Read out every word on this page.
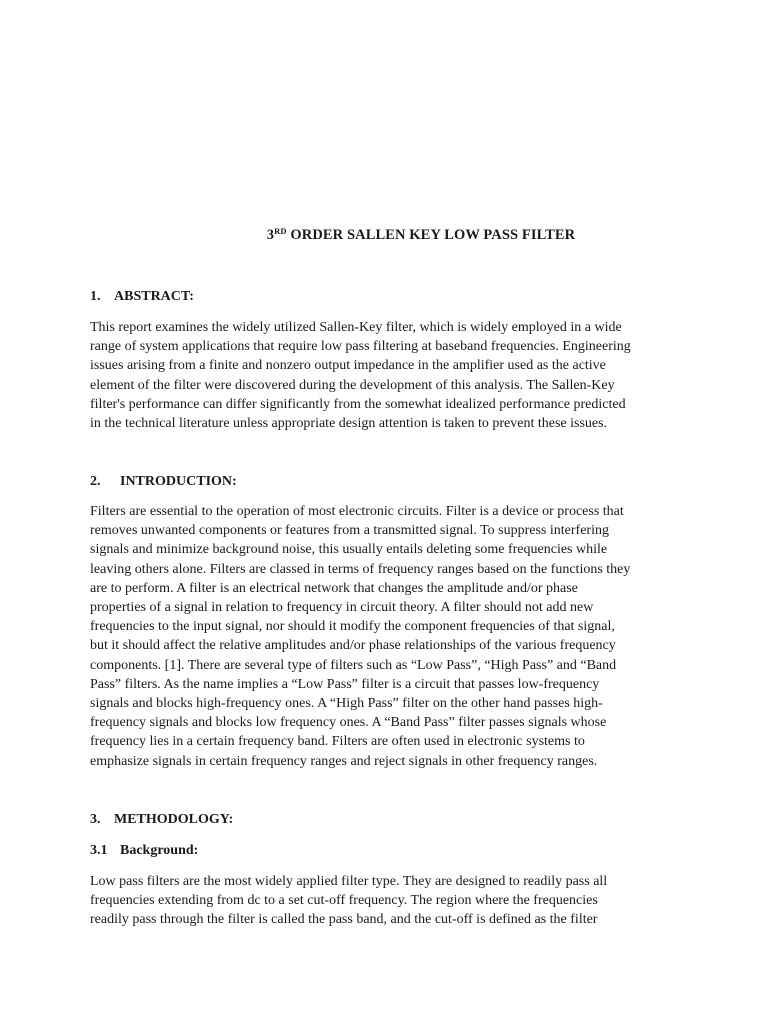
3RD ORDER SALLEN KEY LOW PASS FILTER
1. ABSTRACT:
This report examines the widely utilized Sallen-Key filter, which is widely employed in a wide
range of system applications that require low pass filtering at baseband frequencies. Engineering
issues arising from a finite and nonzero output impedance in the amplifier used as the active
element of the filter were discovered during the development of this analysis. The Sallen-Key
filter's performance can differ significantly from the somewhat idealized performance predicted
in the technical literature unless appropriate design attention is taken to prevent these issues.
2. INTRODUCTION:
Filters are essential to the operation of most electronic circuits. Filter is a device or process that
removes unwanted components or features from a transmitted signal. To suppress interfering
signals and minimize background noise, this usually entails deleting some frequencies while
leaving others alone. Filters are classed in terms of frequency ranges based on the functions they
are to perform. A filter is an electrical network that changes the amplitude and/or phase
properties of a signal in relation to frequency in circuit theory. A filter should not add new
frequencies to the input signal, nor should it modify the component frequencies of that signal,
but it should affect the relative amplitudes and/or phase relationships of the various frequency
components. [1]. There are several type of filters such as “Low Pass”, “High Pass” and “Band
Pass” filters. As the name implies a “Low Pass” filter is a circuit that passes low-frequency
signals and blocks high-frequency ones. A “High Pass” filter on the other hand passes high-
frequency signals and blocks low frequency ones. A “Band Pass” filter passes signals whose
frequency lies in a certain frequency band. Filters are often used in electronic systems to
emphasize signals in certain frequency ranges and reject signals in other frequency ranges.
3. METHODOLOGY:
3.1 Background:
Low pass filters are the most widely applied filter type. They are designed to readily pass all
frequencies extending from dc to a set cut-off frequency. The region where the frequencies
readily pass through the filter is called the pass band, and the cut-off is defined as the filter
